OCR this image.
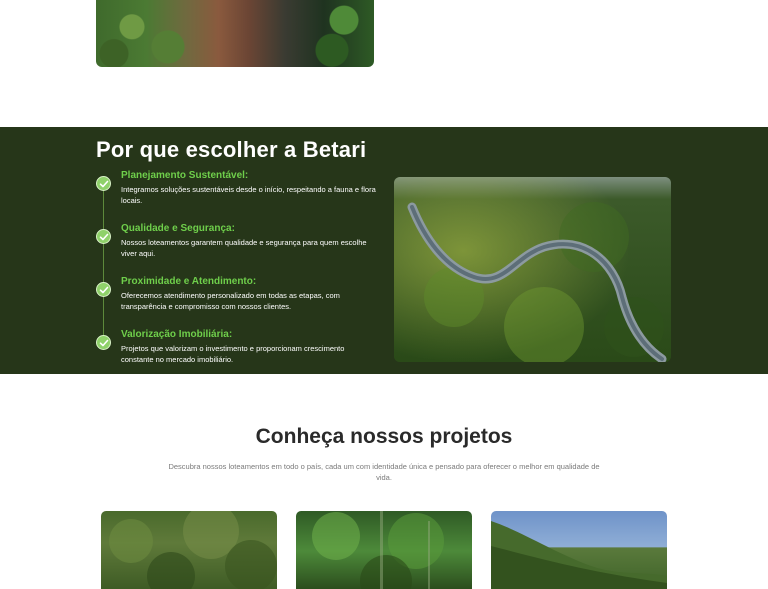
Por que escolher a Betari
Planejamento Sustentável:
Integramos soluções sustentáveis desde o início, respeitando a fauna e flora locais.
Qualidade e Segurança:
Nossos loteamentos garantem qualidade e segurança para quem escolhe viver aqui.
Proximidade e Atendimento:
Oferecemos atendimento personalizado em todas as etapas, com transparência e compromisso com nossos clientes.
Valorização Imobiliária:
Projetos que valorizam o investimento e proporcionam crescimento constante no mercado imobiliário.
Conheça nossos projetos

Descubra nossos loteamentos em todo o país, cada um com identidade única e pensado para oferecer o melhor em qualidade de vida.
